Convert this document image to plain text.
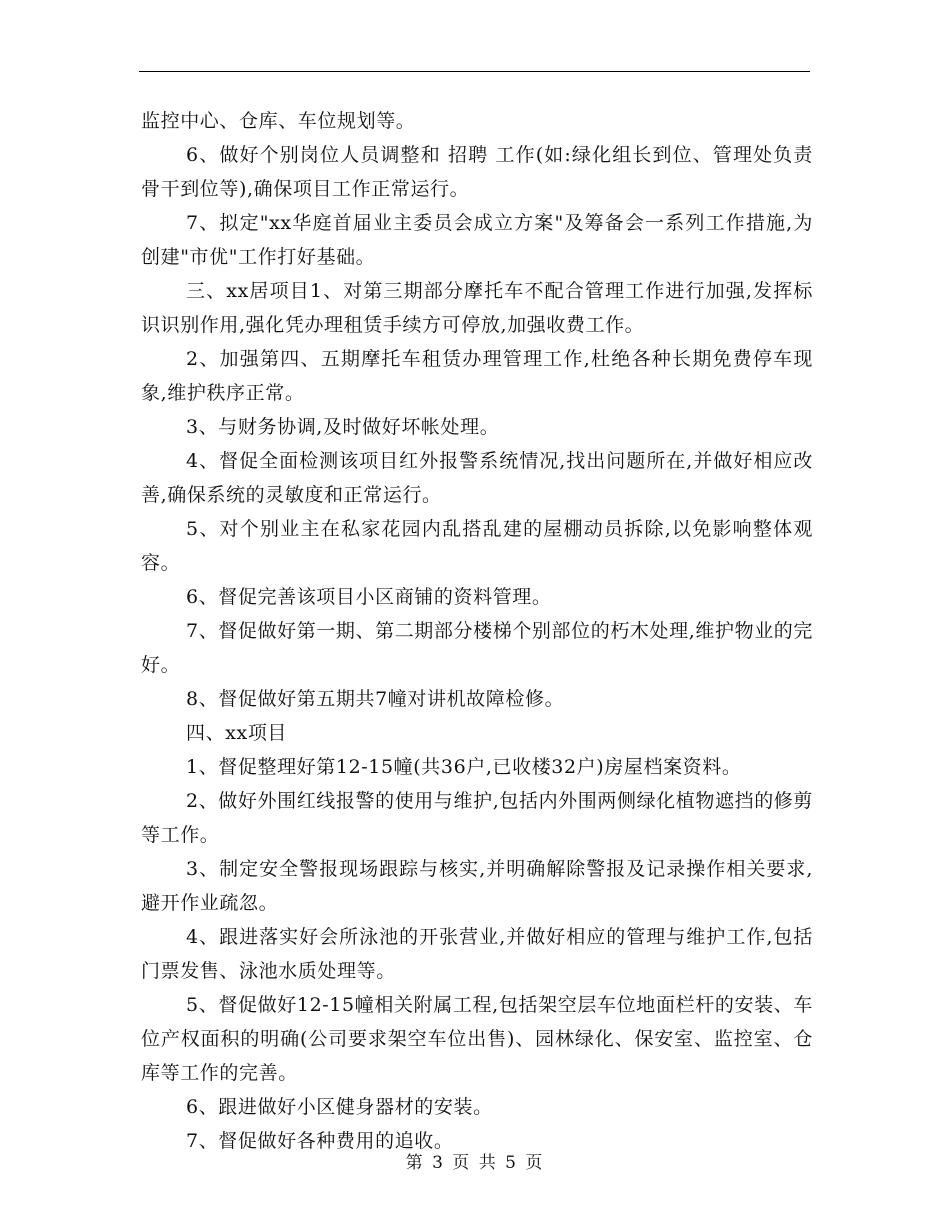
监控中心、仓库、车位规划等。

6、做好个别岗位人员调整和 招聘 工作(如:绿化组长到位、管理处负责骨干到位等),确保项目工作正常运行。

7、拟定"xx华庭首届业主委员会成立方案"及筹备会一系列工作措施,为创建"市优"工作打好基础。

三、xx居项目1、对第三期部分摩托车不配合管理工作进行加强,发挥标识识别作用,强化凭办理租赁手续方可停放,加强收费工作。

2、加强第四、五期摩托车租赁办理管理工作,杜绝各种长期免费停车现象,维护秩序正常。

3、与财务协调,及时做好坏帐处理。

4、督促全面检测该项目红外报警系统情况,找出问题所在,并做好相应改善,确保系统的灵敏度和正常运行。

5、对个别业主在私家花园内乱搭乱建的屋棚动员拆除,以免影响整体观容。

6、督促完善该项目小区商铺的资料管理。

7、督促做好第一期、第二期部分楼梯个别部位的朽木处理,维护物业的完好。

8、督促做好第五期共7幢对讲机故障检修。

四、xx项目

1、督促整理好第12-15幢(共36户,已收楼32户)房屋档案资料。

2、做好外围红线报警的使用与维护,包括内外围两侧绿化植物遮挡的修剪等工作。

3、制定安全警报现场跟踪与核实,并明确解除警报及记录操作相关要求,避开作业疏忽。

4、跟进落实好会所泳池的开张营业,并做好相应的管理与维护工作,包括门票发售、泳池水质处理等。

5、督促做好12-15幢相关附属工程,包括架空层车位地面栏杆的安装、车位产权面积的明确(公司要求架空车位出售)、园林绿化、保安室、监控室、仓库等工作的完善。

6、跟进做好小区健身器材的安装。

7、督促做好各种费用的追收。

第 3 页 共 5 页
